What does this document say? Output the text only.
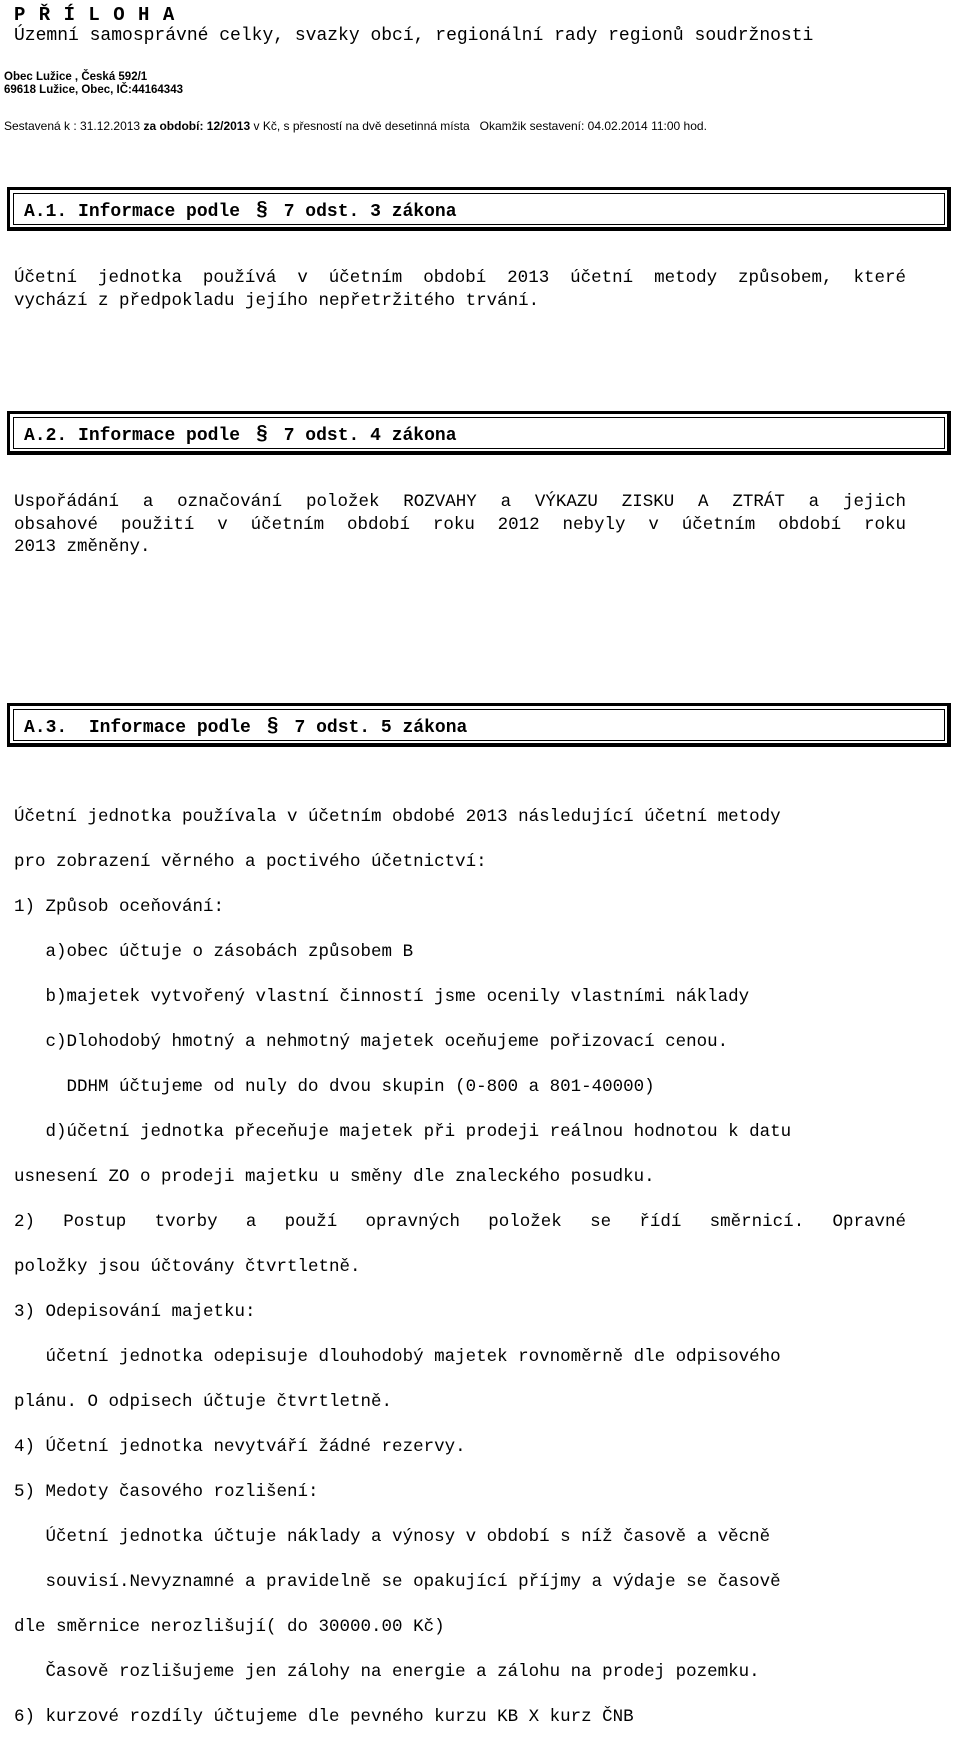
P Ř Í L O H A
Územní samosprávné celky, svazky obcí, regionální rady regionů soudržnosti
Obec Lužice , Česká 592/1
69618 Lužice, Obec, IČ:44164343
Sestavená k : 31.12.2013 za období: 12/2013 v Kč, s přesností na dvě desetinná místa Okamžik sestavení: 04.02.2014 11:00 hod.
A.1. Informace podle § 7 odst. 3 zákona
Účetní jednotka používá v účetním období 2013 účetní metody způsobem, které
vychází z předpokladu jejího nepřetržitého trvání.
A.2. Informace podle § 7 odst. 4 zákona
Uspořádání a označování položek ROZVAHY a VÝKAZU ZISKU A ZTRÁT a jejich
obsahové použití v účetním období roku 2012 nebyly v účetním období roku
2013 změněny.
A.3. Informace podle § 7 odst. 5 zákona

Účetní jednotka používala v účetním obdobé 2013 následující účetní metody

pro zobrazení věrného a poctivého účetnictví:

1) Způsob oceňování:

a)obec účtuje o zásobách způsobem B

b)majetek vytvořený vlastní činností jsme ocenily vlastními náklady

c)Dlohodobý hmotný a nehmotný majetek oceňujeme pořizovací cenou.

DDHM účtujeme od nuly do dvou skupin (0-800 a 801-40000)

d)účetní jednotka přeceňuje majetek při prodeji reálnou hodnotou k datu

usnesení ZO o prodeji majetku u směny dle znaleckého posudku.

2) Postup tvorby a použí opravných položek se řídí směrnicí. Opravné

položky jsou účtovány čtvrtletně.

3) Odepisování majetku:

účetní jednotka odepisuje dlouhodobý majetek rovnoměrně dle odpisového

plánu. O odpisech účtuje čtvrtletně.

4) Účetní jednotka nevytváří žádné rezervy.

5) Medoty časového rozlišení:

Účetní jednotka účtuje náklady a výnosy v období s níž časově a věcně

souvisí.Nevyznamné a pravidelně se opakující příjmy a výdaje se časově

dle směrnice nerozlišují( do 30000.00 Kč)

Časově rozlišujeme jen zálohy na energie a zálohu na prodej pozemku.

6) kurzové rozdíly účtujeme dle pevného kurzu KB X kurz ČNB
